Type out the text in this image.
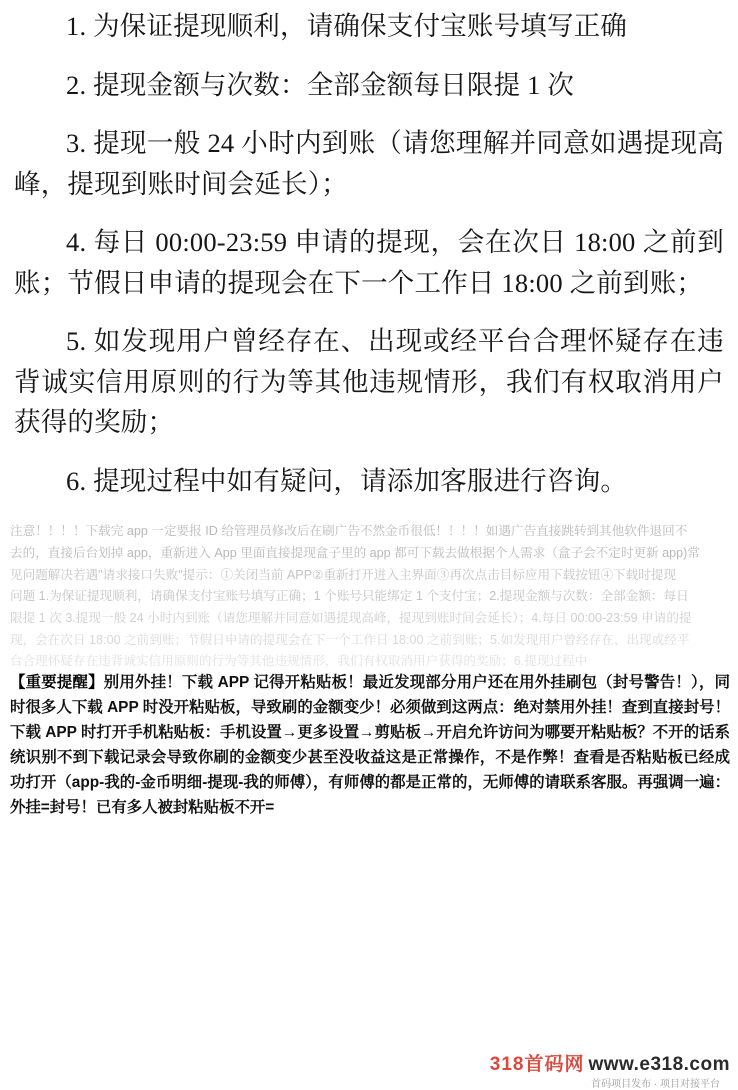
1. 为保证提现顺利，请确保支付宝账号填写正确

2. 提现金额与次数：全部金额每日限提 1 次

3. 提现一般 24 小时内到账（请您理解并同意如遇提现高峰，提现到账时间会延长）；

4. 每日 00:00-23:59 申请的提现，会在次日 18:00 之前到账；节假日申请的提现会在下一个工作日 18:00 之前到账；

5. 如发现用户曾经存在、出现或经平台合理怀疑存在违背诚实信用原则的行为等其他违规情形，我们有权取消用户获得的奖励；

6. 提现过程中如有疑问，请添加客服进行咨询。

注意！！！！下载完 app 一定要报 ID 给管理员修改后在刷广告不然金币很低！！！！如遇广告直接跳转到其他软件退回不
去的，直接后台划掉 app，重新进入 App 里面直接提现盒子里的 app 都可下载去做根据个人需求（盒子会不定时更新 app)常
见问题解决若遇"请求接口失败"提示：①关闭当前 APP②重新打开进入主界面③再次点击目标应用下载按钮④下载时提现
问题 1.为保证提现顺利，请确保支付宝账号填写正确；1 个账号只能绑定 1 个支付宝；2.提现金额与次数：全部金额：每日
限提 1 次 3.提现一般 24 小时内到账（请您理解并同意如遇提现高峰，提现到账时间会延长）；4.每日 00:00-23:59 申请的提
现，会在次日 18:00 之前到账；节假日申请的提现会在下一个工作日 18:00 之前到账；5.如发现用户曾经存在、出现或经平
台合理怀疑存在违背诚实信用原则的行为等其他违规情形，我们有权取消用户获得的奖励；6.提现过程中
【重要提醒】别用外挂！下载 APP 记得开粘贴板！最近发现部分用户还在用外挂刷包（封号警告！），同时很多人下载 APP 时没开粘贴板，导致刷的金额变少！必须做到这两点：绝对禁用外挂！查到直接封号！下载 APP 时打开手机粘贴板：手机设置→更多设置→剪贴板→开启允许访问为哪要开粘贴板？不开的话系统识别不到下载记录会导致你刷的金额变少甚至没收益这是正常操作，不是作弊！查看是否粘贴板已经成功打开（app-我的-金币明细-提现-我的师傅），有师傅的都是正常的，无师傅的请联系客服。再强调一遍：外挂=封号！已有多人被封粘贴板不开=
318首码网 www.e318.com
首码项目发布 · 项目对接平台
